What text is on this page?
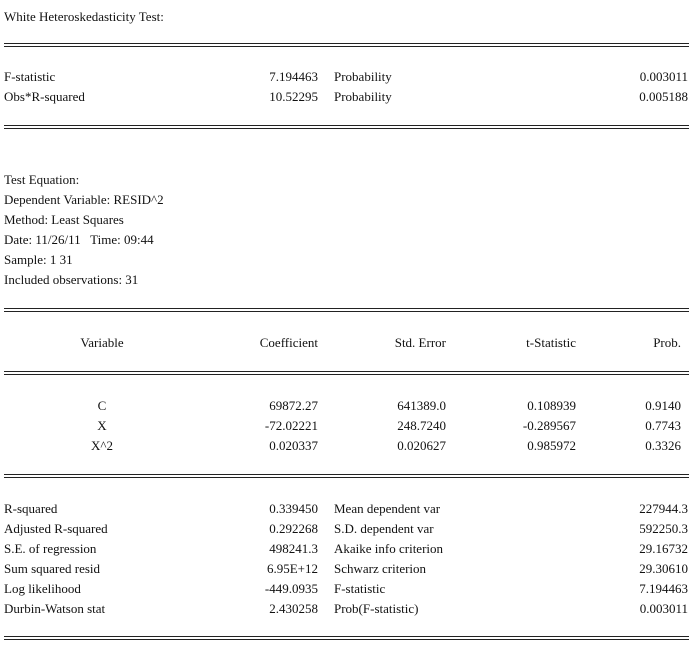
White Heteroskedasticity Test:
F-statistic	7.194463 Probability	0.003011
Obs*R-squared	10.52295 Probability	0.005188
Test Equation:
Dependent Variable: RESID^2
Method: Least Squares
Date: 11/26/11   Time: 09:44
Sample: 1 31
Included observations: 31
Variable	Coefficient	Std. Error	t-Statistic	Prob.
C	69872.27	641389.0	0.108939	0.9140
X	-72.02221	248.7240	-0.289567	0.7743
X^2	0.020337	0.020627	0.985972	0.3326
R-squared	0.339450 Mean dependent var	227944.3
Adjusted R-squared	0.292268 S.D. dependent var	592250.3
S.E. of regression	498241.3 Akaike info criterion	29.16732
Sum squared resid	6.95E+12 Schwarz criterion	29.30610
Log likelihood	-449.0935 F-statistic	7.194463
Durbin-Watson stat	2.430258 Prob(F-statistic)	0.003011
